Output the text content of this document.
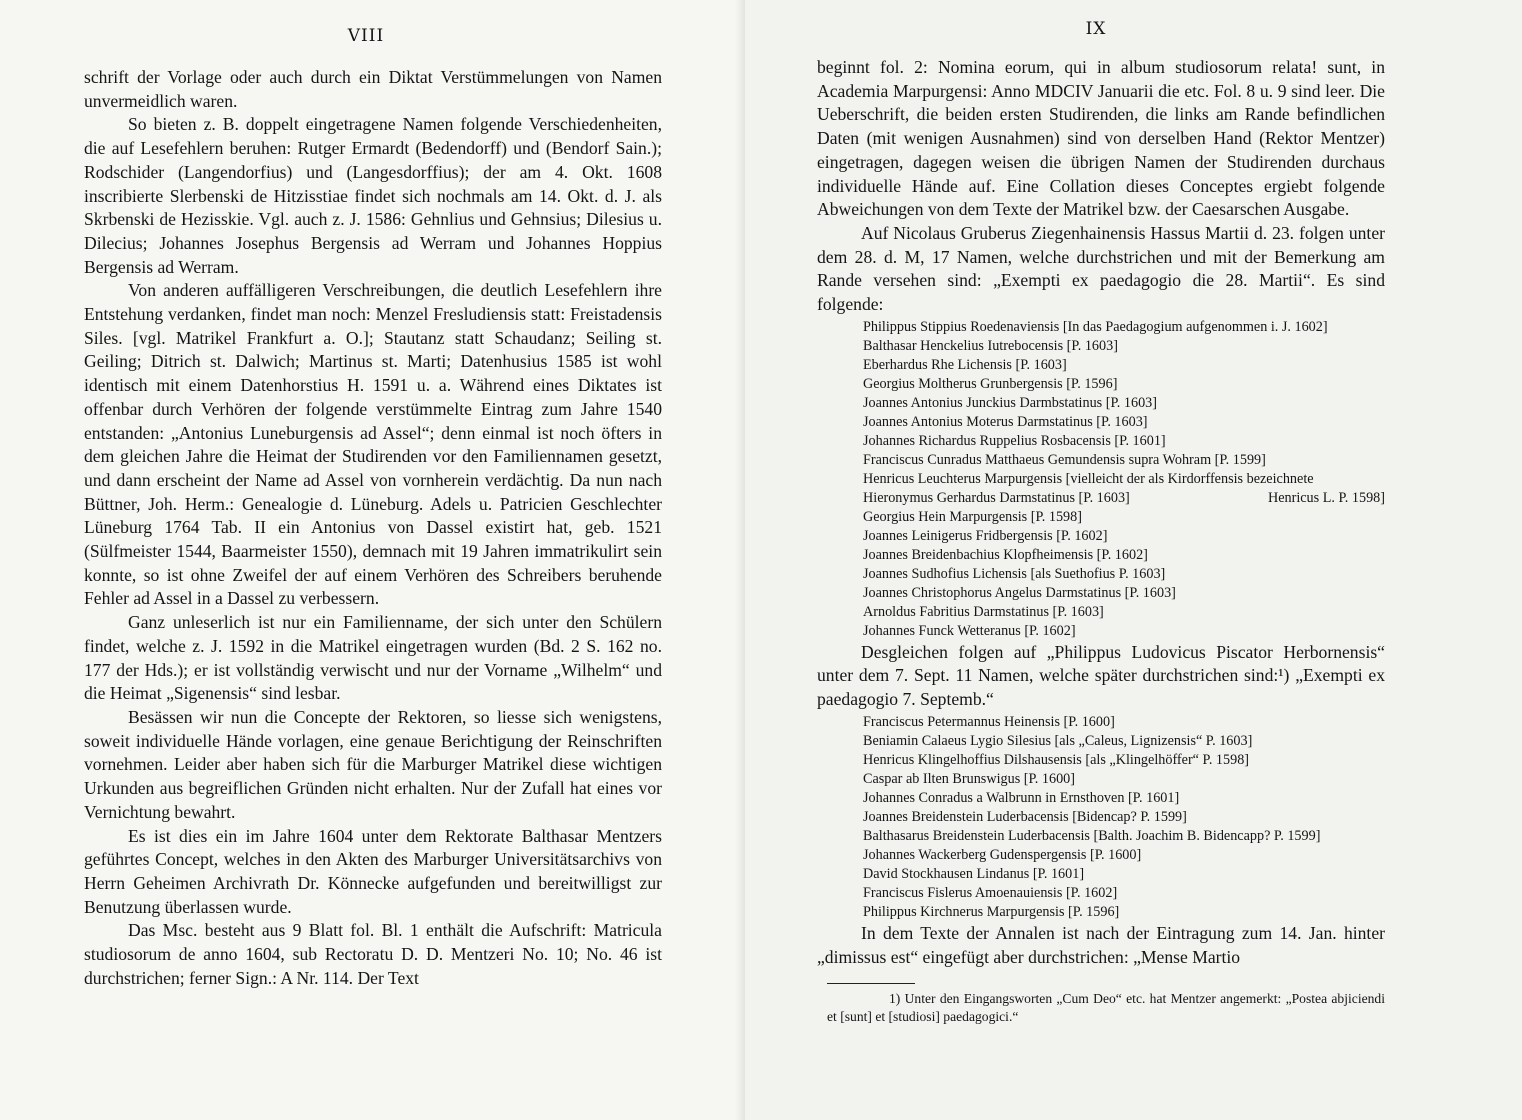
VIII

schrift der Vorlage oder auch durch ein Diktat Verstümmelungen von Namen unvermeidlich waren.

So bieten z. B. doppelt eingetragene Namen folgende Verschiedenheiten, die auf Lesefehlern beruhen: Rutger Ermardt (Bedendorff) und (Bendorf Sain.); Rodschider (Langendorfius) und (Langesdorffius); der am 4. Okt. 1608 inscribierte Slerbenski de Hitzisstiae findet sich nochmals am 14. Okt. d. J. als Skrbenski de Hezisskie. Vgl. auch z. J. 1586: Gehnlius und Gehnsius; Dilesius u. Dilecius; Johannes Josephus Bergensis ad Werram und Johannes Hoppius Bergensis ad Werram.

Von anderen auffälligeren Verschreibungen, die deutlich Lesefehlern ihre Entstehung verdanken, findet man noch: Menzel Fresludiensis statt: Freistadensis Siles. [vgl. Matrikel Frankfurt a. O.]; Stautanz statt Schaudanz; Seiling st. Geiling; Ditrich st. Dalwich; Martinus st. Marti; Datenhusius 1585 ist wohl identisch mit einem Datenhorstius H. 1591 u. a. Während eines Diktates ist offenbar durch Verhören der folgende verstümmelte Eintrag zum Jahre 1540 entstanden: „Antonius Luneburgensis ad Assel“; denn einmal ist noch öfters in dem gleichen Jahre die Heimat der Studirenden vor den Familiennamen gesetzt, und dann erscheint der Name ad Assel von vornherein verdächtig. Da nun nach Büttner, Joh. Herm.: Genealogie d. Lüneburg. Adels u. Patricien Geschlechter Lüneburg 1764 Tab. II ein Antonius von Dassel existirt hat, geb. 1521 (Sülfmeister 1544, Baarmeister 1550), demnach mit 19 Jahren immatrikulirt sein konnte, so ist ohne Zweifel der auf einem Verhören des Schreibers beruhende Fehler ad Assel in a Dassel zu verbessern.

Ganz unleserlich ist nur ein Familienname, der sich unter den Schülern findet, welche z. J. 1592 in die Matrikel eingetragen wurden (Bd. 2 S. 162 no. 177 der Hds.); er ist vollständig verwischt und nur der Vorname „Wilhelm“ und die Heimat „Sigenensis“ sind lesbar.

Besässen wir nun die Concepte der Rektoren, so liesse sich wenigstens, soweit individuelle Hände vorlagen, eine genaue Berichtigung der Reinschriften vornehmen. Leider aber haben sich für die Marburger Matrikel diese wichtigen Urkunden aus begreiflichen Gründen nicht erhalten. Nur der Zufall hat eines vor Vernichtung bewahrt.

Es ist dies ein im Jahre 1604 unter dem Rektorate Balthasar Mentzers geführtes Concept, welches in den Akten des Marburger Universitätsarchivs von Herrn Geheimen Archivrath Dr. Könnecke aufgefunden und bereitwilligst zur Benutzung überlassen wurde.

Das Msc. besteht aus 9 Blatt fol. Bl. 1 enthält die Aufschrift: Matricula studiosorum de anno 1604, sub Rectoratu D. D. Mentzeri No. 10; No. 46 ist durchstrichen; ferner Sign.: A Nr. 114. Der Text

IX

beginnt fol. 2: Nomina eorum, qui in album studiosorum relata! sunt, in Academia Marpurgensi: Anno MDCIV Januarii die etc. Fol. 8 u. 9 sind leer. Die Ueberschrift, die beiden ersten Studirenden, die links am Rande befindlichen Daten (mit wenigen Ausnahmen) sind von derselben Hand (Rektor Mentzer) eingetragen, dagegen weisen die übrigen Namen der Studirenden durchaus individuelle Hände auf. Eine Collation dieses Conceptes ergiebt folgende Abweichungen von dem Texte der Matrikel bzw. der Caesarschen Ausgabe.

Auf Nicolaus Gruberus Ziegenhainensis Hassus Martii d. 23. folgen unter dem 28. d. M, 17 Namen, welche durchstrichen und mit der Bemerkung am Rande versehen sind: „Exempti ex paedagogio die 28. Martii“. Es sind folgende:

Philippus Stippius Roedenaviensis [In das Paedagogium aufgenommen i. J. 1602]
Balthasar Henckelius Iutrebocensis [P. 1603]
Eberhardus Rhe Lichensis [P. 1603]
Georgius Moltherus Grunbergensis [P. 1596]
Joannes Antonius Junckius Darmbstatinus [P. 1603]
Joannes Antonius Moterus Darmstatinus [P. 1603]
Johannes Richardus Ruppelius Rosbacensis [P. 1601]
Franciscus Cunradus Matthaeus Gemundensis supra Wohram [P. 1599]
Henricus Leuchterus Marpurgensis [vielleicht der als Kirdorffensis bezeichnete
Hieronymus Gerhardus Darmstatinus [P. 1603]	Henricus L. P. 1598]
Georgius Hein Marpurgensis [P. 1598]
Joannes Leinigerus Fridbergensis [P. 1602]
Joannes Breidenbachius Klopfheimensis [P. 1602]
Joannes Sudhofius Lichensis [als Suethofius P. 1603]
Joannes Christophorus Angelus Darmstatinus [P. 1603]
Arnoldus Fabritius Darmstatinus [P. 1603]
Johannes Funck Wetteranus [P. 1602]

Desgleichen folgen auf „Philippus Ludovicus Piscator Herbornensis“ unter dem 7. Sept. 11 Namen, welche später durchstrichen sind:¹) „Exempti ex paedagogio 7. Septemb.“

Franciscus Petermannus Heinensis [P. 1600]
Beniamin Calaeus Lygio Silesius [als „Caleus, Lignizensis“ P. 1603]
Henricus Klingelhoffius Dilshausensis [als „Klingelhöffer“ P. 1598]
Caspar ab Ilten Brunswigus [P. 1600]
Johannes Conradus a Walbrunn in Ernsthoven [P. 1601]
Joannes Breidenstein Luderbacensis [Bidencap? P. 1599]
Balthasarus Breidenstein Luderbacensis [Balth. Joachim B. Bidencapp? P. 1599]
Johannes Wackerberg Gudenspergensis [P. 1600]
David Stockhausen Lindanus [P. 1601]
Franciscus Fislerus Amoenauiensis [P. 1602]
Philippus Kirchnerus Marpurgensis [P. 1596]

In dem Texte der Annalen ist nach der Eintragung zum 14. Jan. hinter „dimissus est“ eingefügt aber durchstrichen: „Mense Martio

1) Unter den Eingangsworten „Cum Deo“ etc. hat Mentzer angemerkt: „Postea abjiciendi et [sunt] et [studiosi] paedagogici.“
